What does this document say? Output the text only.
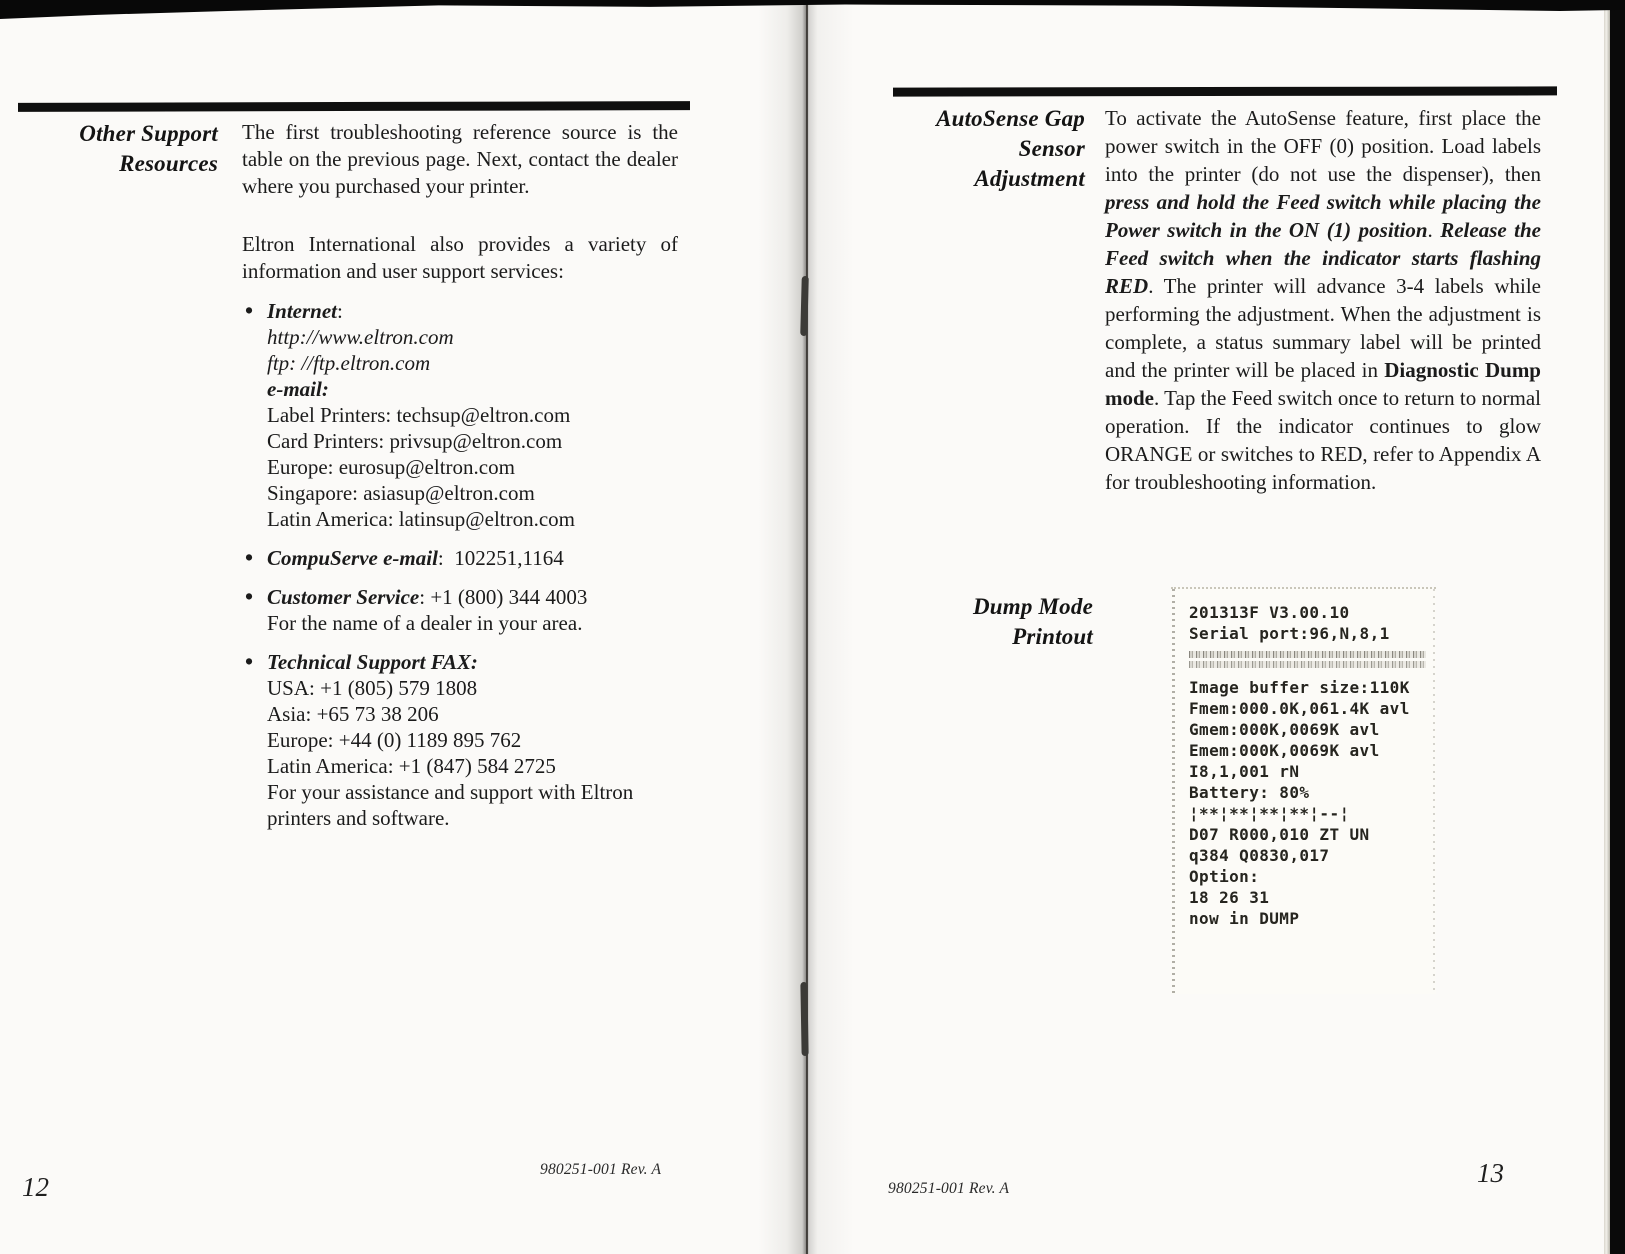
Other Support
Resources

The first troubleshooting reference source is the table on the previous page. Next, contact the dealer where you purchased your printer.

Eltron International also provides a variety of information and user support services:

• Internet:
http://www.eltron.com
ftp: //ftp.eltron.com
e-mail:
Label Printers: techsup@eltron.com
Card Printers: privsup@eltron.com
Europe: eurosup@eltron.com
Singapore: asiasup@eltron.com
Latin America: latinsup@eltron.com
• CompuServe e-mail:  102251,1164
• Customer Service: +1 (800) 344 4003
For the name of a dealer in your area.
• Technical Support FAX:
USA: +1 (805) 579 1808
Asia: +65 73 38 206
Europe: +44 (0) 1189 895 762
Latin America: +1 (847) 584 2725
For your assistance and support with Eltron printers and software.
12
980251-001 Rev. A
AutoSense Gap
Sensor
Adjustment

To activate the AutoSense feature, first place the power switch in the OFF (0) position. Load labels into the printer (do not use the dispenser), then press and hold the Feed switch while placing the Power switch in the ON (1) position. Release the Feed switch when the indicator starts flashing RED. The printer will advance 3-4 labels while performing the adjustment. When the adjustment is complete, a status summary label will be printed and the printer will be placed in Diagnostic Dump mode. Tap the Feed switch once to return to normal operation. If the indicator continues to glow ORANGE or switches to RED, refer to Appendix A for troubleshooting information.

Dump Mode
Printout
201313F V3.00.10
Serial port:96,N,8,1
Image buffer size:110K
Fmem:000.0K,061.4K avl
Gmem:000K,0069K avl
Emem:000K,0069K avl
I8,1,001 rN
Battery: 80%
¦**¦**¦**¦**¦--¦
D07 R000,010 ZT UN
q384 Q0830,017
Option:
18 26 31
now in DUMP
980251-001 Rev. A
13
